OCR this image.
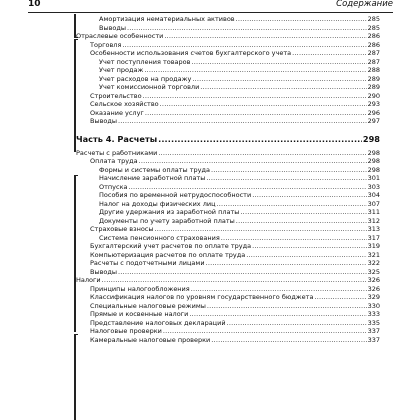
10	Содержание
Амортизация нематериальных активов .....	285
Выводы .....	285
Отраслевые особенности .....	286
Торговля .....	286
Особенности использования счетов бухгалтерского учета .....	287
Учет поступления товаров .....	287
Учет продаж .....	288
Учет расходов на продажу .....	289
Учет комиссионной торговли .....	289
Строительство .....	290
Сельское хозяйство .....	293
Оказание услуг .....	296
Выводы .....	297
Часть 4. Расчеты .....	298
Расчеты с работниками .....	298
Оплата труда .....	298
Формы и системы оплаты труда .....	298
Начисление заработной платы .....	301
Отпуска .....	303
Пособия по временной нетрудоспособности .....	304
Налог на доходы физических лиц .....	307
Другие удержания из заработной платы .....	311
Документы по учету заработной платы .....	312
Страховые взносы .....	313
Система пенсионного страхования .....	317
Бухгалтерский учет расчетов по оплате труда .....	319
Компьютеризация расчетов по оплате труда .....	321
Расчеты с подотчетными лицами .....	322
Выводы .....	325
Налоги .....	326
Принципы налогообложения .....	326
Классификация налогов по уровням государственного бюджета .....	329
Специальные налоговые режимы .....	330
Прямые и косвенные налоги .....	333
Представление налоговых деклараций .....	335
Налоговые проверки .....	337
Камеральные налоговые проверки .....	337
